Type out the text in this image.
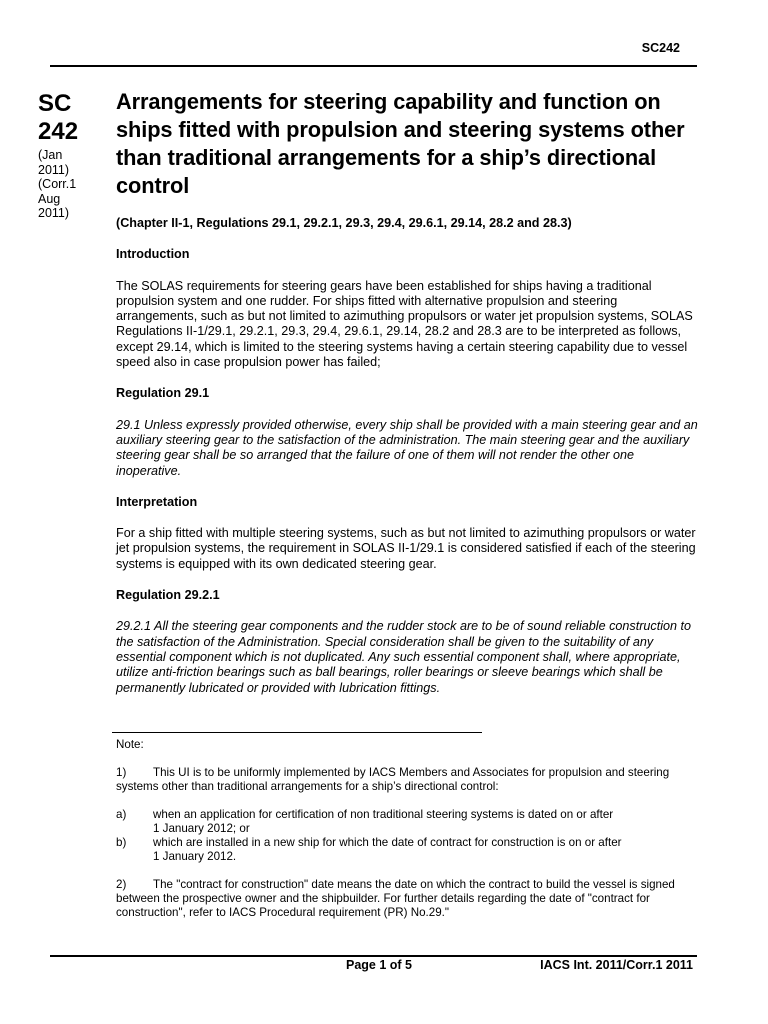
SC242
SC
242
(Jan
2011)
(Corr.1
Aug
2011)
Arrangements for steering capability and function on ships fitted with propulsion and steering systems other than traditional arrangements for a ship’s directional control
(Chapter II-1, Regulations 29.1, 29.2.1, 29.3, 29.4, 29.6.1, 29.14, 28.2 and 28.3)
Introduction
The SOLAS requirements for steering gears have been established for ships having a traditional propulsion system and one rudder. For ships fitted with alternative propulsion and steering arrangements, such as but not limited to azimuthing propulsors or water jet propulsion systems, SOLAS Regulations II-1/29.1, 29.2.1, 29.3, 29.4, 29.6.1, 29.14, 28.2 and 28.3 are to be interpreted as follows, except 29.14, which is limited to the steering systems having a certain steering capability due to vessel speed also in case propulsion power has failed;
Regulation 29.1
29.1 Unless expressly provided otherwise, every ship shall be provided with a main steering gear and an auxiliary steering gear to the satisfaction of the administration. The main steering gear and the auxiliary steering gear shall be so arranged that the failure of one of them will not render the other one inoperative.
Interpretation
For a ship fitted with multiple steering systems, such as but not limited to azimuthing propulsors or water jet propulsion systems, the requirement in SOLAS II-1/29.1 is considered satisfied if each of the steering systems is equipped with its own dedicated steering gear.
Regulation 29.2.1
29.2.1 All the steering gear components and the rudder stock are to be of sound reliable construction to the satisfaction of the Administration. Special consideration shall be given to the suitability of any essential component which is not duplicated. Any such essential component shall, where appropriate, utilize anti-friction bearings such as ball bearings, roller bearings or sleeve bearings which shall be permanently lubricated or provided with lubrication fittings.
Note:
1) This UI is to be uniformly implemented by IACS Members and Associates for propulsion and steering systems other than traditional arrangements for a ship’s directional control:
a)	when an application for certification of non traditional steering systems is dated on or after
1 January 2012; or
b)	which are installed in a new ship for which the date of contract for construction is on or after
1 January 2012.
2) The "contract for construction" date means the date on which the contract to build the vessel is signed between the prospective owner and the shipbuilder. For further details regarding the date of "contract for construction", refer to IACS Procedural requirement (PR) No.29."
Page 1 of 5	IACS Int. 2011/Corr.1 2011
